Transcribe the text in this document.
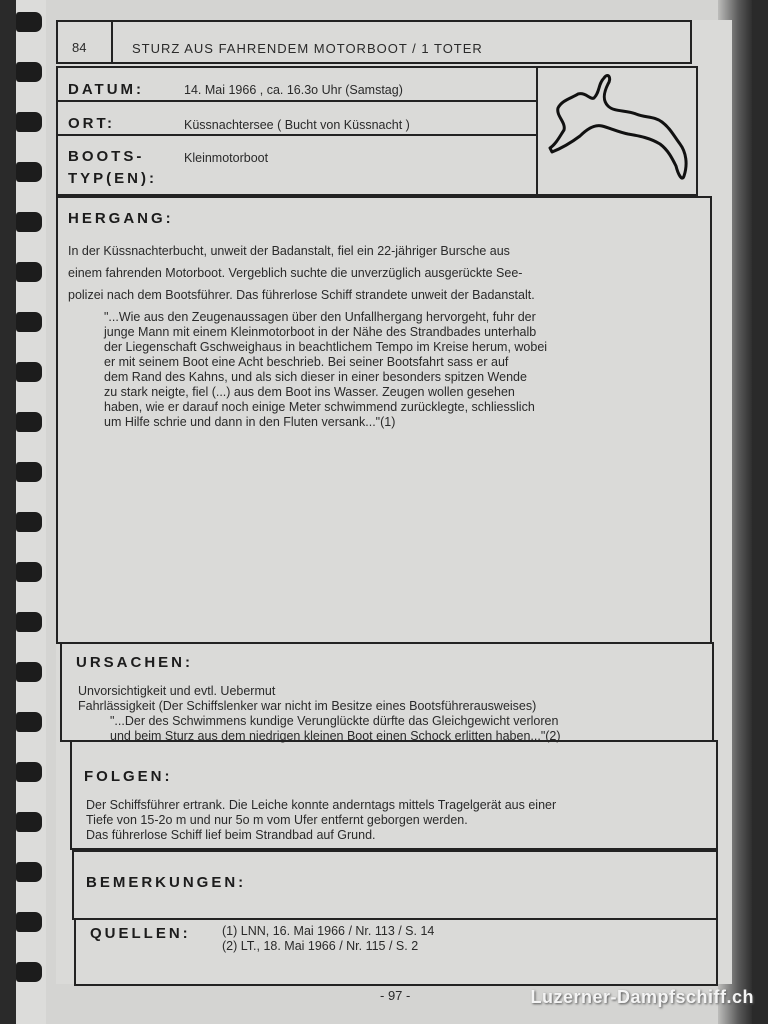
84	STURZ AUS FAHRENDEM MOTORBOOT / 1 TOTER
DATUM:	14. Mai 1966 , ca. 16.3o Uhr (Samstag)
ORT:	Küssnachtersee ( Bucht von Küssnacht )
BOOTS-
TYP(EN):
Kleinmotorboot
HERGANG:
In der Küssnachterbucht, unweit der Badanstalt, fiel ein 22-jähriger Bursche aus
einem fahrenden Motorboot. Vergeblich suchte die unverzüglich ausgerückte See-
polizei nach dem Bootsführer. Das führerlose Schiff strandete unweit der Badanstalt.
"...Wie aus den Zeugenaussagen über den Unfallhergang hervorgeht, fuhr der
junge Mann mit einem Kleinmotorboot in der Nähe des Strandbades unterhalb
der Liegenschaft Gschweighaus in beachtlichem Tempo im Kreise herum, wobei
er mit seinem Boot eine Acht beschrieb. Bei seiner Bootsfahrt sass er auf
dem Rand des Kahns, und als sich dieser in einer besonders spitzen Wende
zu stark neigte, fiel (...) aus dem Boot ins Wasser. Zeugen wollen gesehen
haben, wie er darauf noch einige Meter schwimmend zurücklegte, schliesslich
um Hilfe schrie und dann in den Fluten versank..."(1)
URSACHEN:
Unvorsichtigkeit und evtl. Uebermut
Fahrlässigkeit (Der Schiffslenker war nicht im Besitze eines Bootsführerausweises)
"...Der des Schwimmens kundige Verunglückte dürfte das Gleichgewicht verloren
und beim Sturz aus dem niedrigen kleinen Boot einen Schock erlitten haben..."(2)
FOLGEN:
Der Schiffsführer ertrank. Die Leiche konnte anderntags mittels Tragelgerät aus einer
Tiefe von 15-2o m und nur 5o m vom Ufer entfernt geborgen werden.
Das führerlose Schiff lief beim Strandbad auf Grund.
BEMERKUNGEN:
QUELLEN:	(1) LNN, 16. Mai 1966 / Nr. 113 / S. 14
(2) LT., 18. Mai 1966 / Nr. 115 / S. 2
- 97 -	Luzerner-Dampfschiff.ch
